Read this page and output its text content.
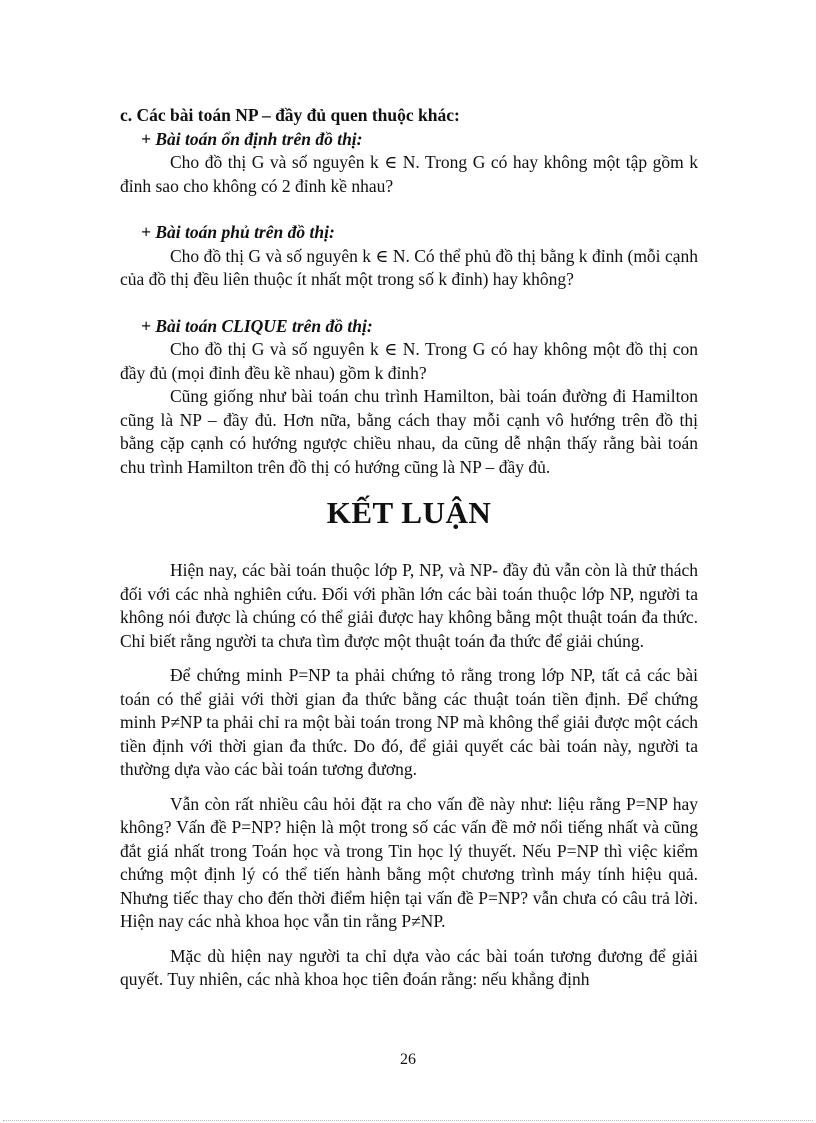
c. Các bài toán NP – đầy đủ quen thuộc khác:

+ Bài toán ổn định trên đồ thị:

Cho đồ thị G và số nguyên k ∈ N. Trong G có hay không một tập gồm k đỉnh sao cho không có 2 đỉnh kề nhau?

+ Bài toán phủ trên đồ thị:

Cho đồ thị G và số nguyên k ∈ N. Có thể phủ đồ thị bằng k đỉnh (mỗi cạnh của đồ thị đều liên thuộc ít nhất một trong số k đỉnh) hay không?

+ Bài toán CLIQUE trên đồ thị:

Cho đồ thị G và số nguyên k ∈ N. Trong G có hay không một đồ thị con đầy đủ (mọi đỉnh đều kề nhau) gồm k đỉnh?

Cũng giống như bài toán chu trình Hamilton, bài toán đường đi Hamilton cũng là NP – đầy đủ. Hơn nữa, bằng cách thay mỗi cạnh vô hướng trên đồ thị bằng cặp cạnh có hướng ngược chiều nhau, da cũng dễ nhận thấy rằng bài toán chu trình Hamilton trên đồ thị có hướng cũng là NP – đầy đủ.

KẾT LUẬN

Hiện nay, các bài toán thuộc lớp P, NP, và NP- đầy đủ vẫn còn là thử thách đối với các nhà nghiên cứu. Đối với phần lớn các bài toán thuộc lớp NP, người ta không nói được là chúng có thể giải được hay không bằng một thuật toán đa thức. Chỉ biết rằng người ta chưa tìm được một thuật toán đa thức để giải chúng.

Để chứng minh P=NP ta phải chứng tỏ rằng trong lớp NP, tất cả các bài toán có thể giải với thời gian đa thức bằng các thuật toán tiền định. Để chứng minh P≠NP ta phải chỉ ra một bài toán trong NP mà không thể giải được một cách tiền định với thời gian đa thức. Do đó, để giải quyết các bài toán này, người ta thường dựa vào các bài toán tương đương.

Vẫn còn rất nhiều câu hỏi đặt ra cho vấn đề này như: liệu rằng P=NP hay không? Vấn đề P=NP? hiện là một trong số các vấn đề mở nổi tiếng nhất và cũng đắt giá nhất trong Toán học và trong Tin học lý thuyết. Nếu P=NP thì việc kiểm chứng một định lý có thể tiến hành bằng một chương trình máy tính hiệu quả. Nhưng tiếc thay cho đến thời điểm hiện tại vấn đề P=NP? vẫn chưa có câu trả lời. Hiện nay các nhà khoa học vẫn tin rằng P≠NP.

Mặc dù hiện nay người ta chỉ dựa vào các bài toán tương đương để giải quyết. Tuy nhiên, các nhà khoa học tiên đoán rằng: nếu khẳng định

26
